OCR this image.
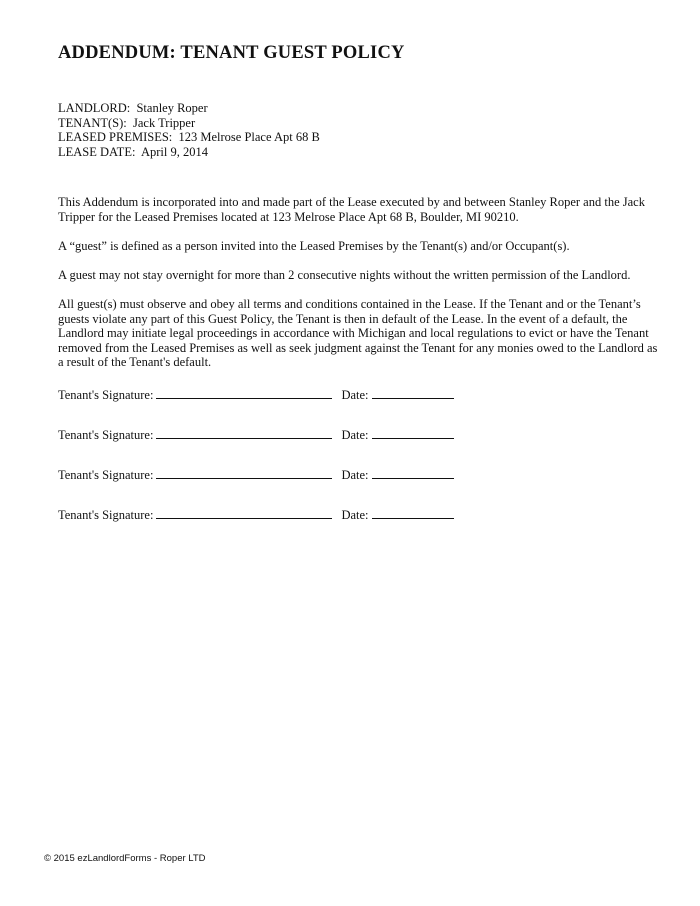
ADDENDUM: TENANT GUEST POLICY
LANDLORD:  Stanley Roper
TENANT(S):  Jack Tripper
LEASED PREMISES:  123 Melrose Place Apt 68 B
LEASE DATE:  April 9, 2014

This Addendum is incorporated into and made part of the Lease executed by and between Stanley Roper and the Jack Tripper for the Leased Premises located at 123 Melrose Place Apt 68 B, Boulder, MI 90210.

A “guest” is defined as a person invited into the Leased Premises by the Tenant(s) and/or Occupant(s).

A guest may not stay overnight for more than 2 consecutive nights without the written permission of the Landlord.

All guest(s) must observe and obey all terms and conditions contained in the Lease. If the Tenant and or the Tenant’s guests violate any part of this Guest Policy, the Tenant is then in default of the Lease. In the event of a default, the Landlord may initiate legal proceedings in accordance with Michigan and local regulations to evict or have the Tenant removed from the Leased Premises as well as seek judgment against the Tenant for any monies owed to the Landlord as a result of the Tenant's default.

Tenant's Signature:	Date:
Tenant's Signature:	Date:
Tenant's Signature:	Date:
Tenant's Signature:	Date:
© 2015 ezLandlordForms - Roper LTD
